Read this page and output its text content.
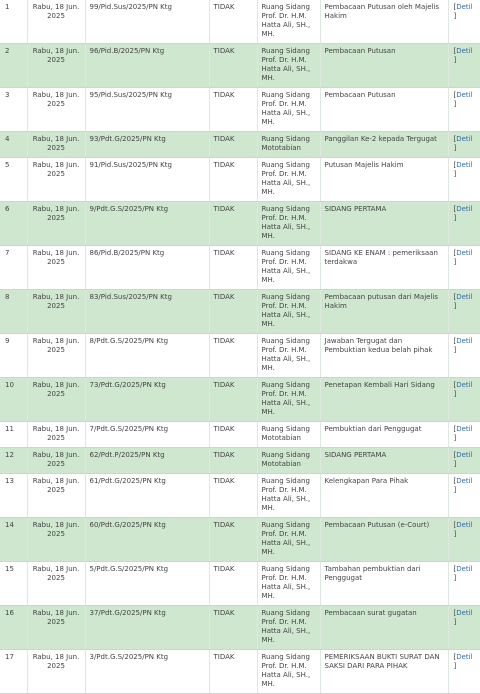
1	Rabu, 18 Jun. 2025	99/Pid.Sus/2025/PN Ktg	TIDAK	Ruang Sidang Prof. Dr. H.M. Hatta Ali, SH., MH.	Pembacaan Putusan oleh Majelis Hakim	[Detil
]
2	Rabu, 18 Jun. 2025	96/Pid.B/2025/PN Ktg	TIDAK	Ruang Sidang Prof. Dr. H.M. Hatta Ali, SH., MH.	Pembacaan Putusan	[Detil
]
3	Rabu, 18 Jun. 2025	95/Pid.Sus/2025/PN Ktg	TIDAK	Ruang Sidang Prof. Dr. H.M. Hatta Ali, SH., MH.	Pembacaan Putusan	[Detil
]
4	Rabu, 18 Jun. 2025	93/Pdt.G/2025/PN Ktg	TIDAK	Ruang Sidang Mototabian	Panggilan Ke-2 kepada Tergugat	[Detil
]
5	Rabu, 18 Jun. 2025	91/Pid.Sus/2025/PN Ktg	TIDAK	Ruang Sidang Prof. Dr. H.M. Hatta Ali, SH., MH.	Putusan Majelis Hakim	[Detil
]
6	Rabu, 18 Jun. 2025	9/Pdt.G.S/2025/PN Ktg	TIDAK	Ruang Sidang Prof. Dr. H.M. Hatta Ali, SH., MH.	SIDANG PERTAMA	[Detil
]
7	Rabu, 18 Jun. 2025	86/Pid.B/2025/PN Ktg	TIDAK	Ruang Sidang Prof. Dr. H.M. Hatta Ali, SH., MH.	SIDANG KE ENAM : pemeriksaan terdakwa	[Detil
]
8	Rabu, 18 Jun. 2025	83/Pid.Sus/2025/PN Ktg	TIDAK	Ruang Sidang Prof. Dr. H.M. Hatta Ali, SH., MH.	Pembacaan putusan dari Majelis Hakim	[Detil
]
9	Rabu, 18 Jun. 2025	8/Pdt.G.S/2025/PN Ktg	TIDAK	Ruang Sidang Prof. Dr. H.M. Hatta Ali, SH., MH.	Jawaban Tergugat dan Pembuktian kedua belah pihak	[Detil
]
10	Rabu, 18 Jun. 2025	73/Pdt.G/2025/PN Ktg	TIDAK	Ruang Sidang Prof. Dr. H.M. Hatta Ali, SH., MH.	Penetapan Kembali Hari Sidang	[Detil
]
11	Rabu, 18 Jun. 2025	7/Pdt.G.S/2025/PN Ktg	TIDAK	Ruang Sidang Mototabian	Pembuktian dari Penggugat	[Detil
]
12	Rabu, 18 Jun. 2025	62/Pdt.P/2025/PN Ktg	TIDAK	Ruang Sidang Mototabian	SIDANG PERTAMA	[Detil
]
13	Rabu, 18 Jun. 2025	61/Pdt.G/2025/PN Ktg	TIDAK	Ruang Sidang Prof. Dr. H.M. Hatta Ali, SH., MH.	Kelengkapan Para Pihak	[Detil
]
14	Rabu, 18 Jun. 2025	60/Pdt.G/2025/PN Ktg	TIDAK	Ruang Sidang Prof. Dr. H.M. Hatta Ali, SH., MH.	Pembacaan Putusan (e-Court)	[Detil
]
15	Rabu, 18 Jun. 2025	5/Pdt.G.S/2025/PN Ktg	TIDAK	Ruang Sidang Prof. Dr. H.M. Hatta Ali, SH., MH.	Tambahan pembuktian dari Penggugat	[Detil
]
16	Rabu, 18 Jun. 2025	37/Pdt.G/2025/PN Ktg	TIDAK	Ruang Sidang Prof. Dr. H.M. Hatta Ali, SH., MH.	Pembacaan surat gugatan	[Detil
]
17	Rabu, 18 Jun. 2025	3/Pdt.G.S/2025/PN Ktg	TIDAK	Ruang Sidang Prof. Dr. H.M. Hatta Ali, SH., MH.	PEMERIKSAAN BUKTI SURAT DAN SAKSI DARI PARA PIHAK	[Detil
]
